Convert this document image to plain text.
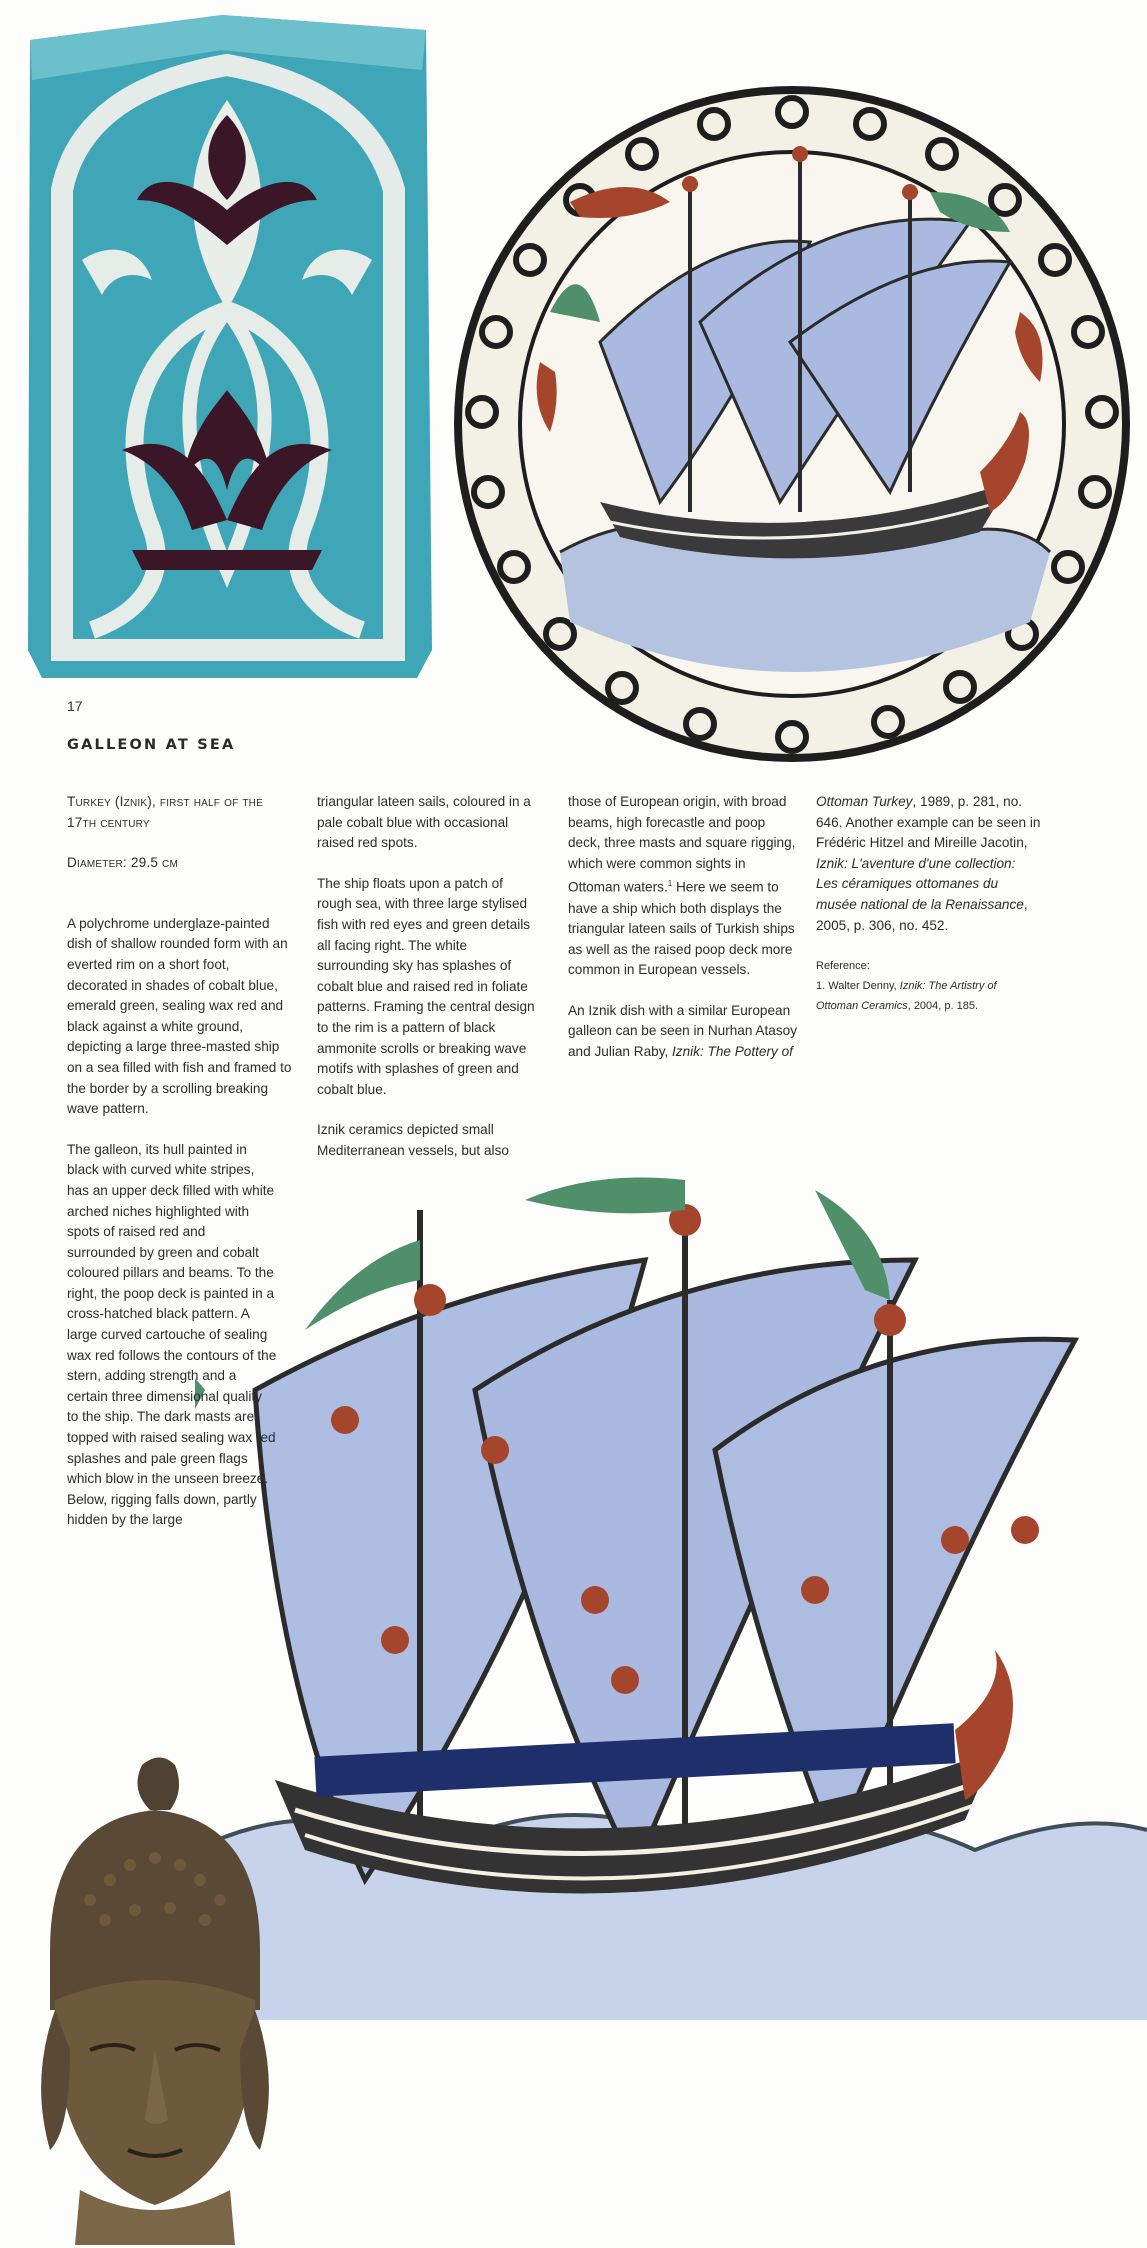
17
GALLEON AT SEA
Turkey (Iznik), first half of the
17th century
Diameter: 29.5 cm

A polychrome underglaze-painted dish of shallow rounded form with an everted rim on a short foot, decorated in shades of cobalt blue, emerald green, sealing wax red and black against a white ground, depicting a large three-masted ship on a sea filled with fish and framed to the border by a scrolling breaking wave pattern.

The galleon, its hull painted in black with curved white stripes, has an upper deck filled with white arched niches highlighted with spots of raised red and surrounded by green and cobalt coloured pillars and beams. To the right, the poop deck is painted in a cross-hatched black pattern. A large curved cartouche of sealing wax red follows the contours of the stern, adding strength and a certain three dimensional quality to the ship. The dark masts are topped with raised sealing wax red splashes and pale green flags which blow in the unseen breeze. Below, rigging falls down, partly hidden by the large

triangular lateen sails, coloured in a pale cobalt blue with occasional raised red spots.

The ship floats upon a patch of rough sea, with three large stylised fish with red eyes and green details all facing right. The white surrounding sky has splashes of cobalt blue and raised red in foliate patterns. Framing the central design to the rim is a pattern of black ammonite scrolls or breaking wave motifs with splashes of green and cobalt blue.

Iznik ceramics depicted small Mediterranean vessels, but also

those of European origin, with broad beams, high forecastle and poop deck, three masts and square rigging, which were common sights in Ottoman waters.$^1$ Here we seem to have a ship which both displays the triangular lateen sails of Turkish ships as well as the raised poop deck more common in European vessels.

An Iznik dish with a similar European galleon can be seen in Nurhan Atasoy and Julian Raby, Iznik: The Pottery of

Ottoman Turkey, 1989, p. 281, no. 646. Another example can be seen in Frédéric Hitzel and Mireille Jacotin, Iznik: L'aventure d'une collection: Les céramiques ottomanes du musée national de la Renaissance, 2005, p. 306, no. 452.

Reference:
1. Walter Denny, Iznik: The Artistry of Ottoman Ceramics, 2004, p. 185.
